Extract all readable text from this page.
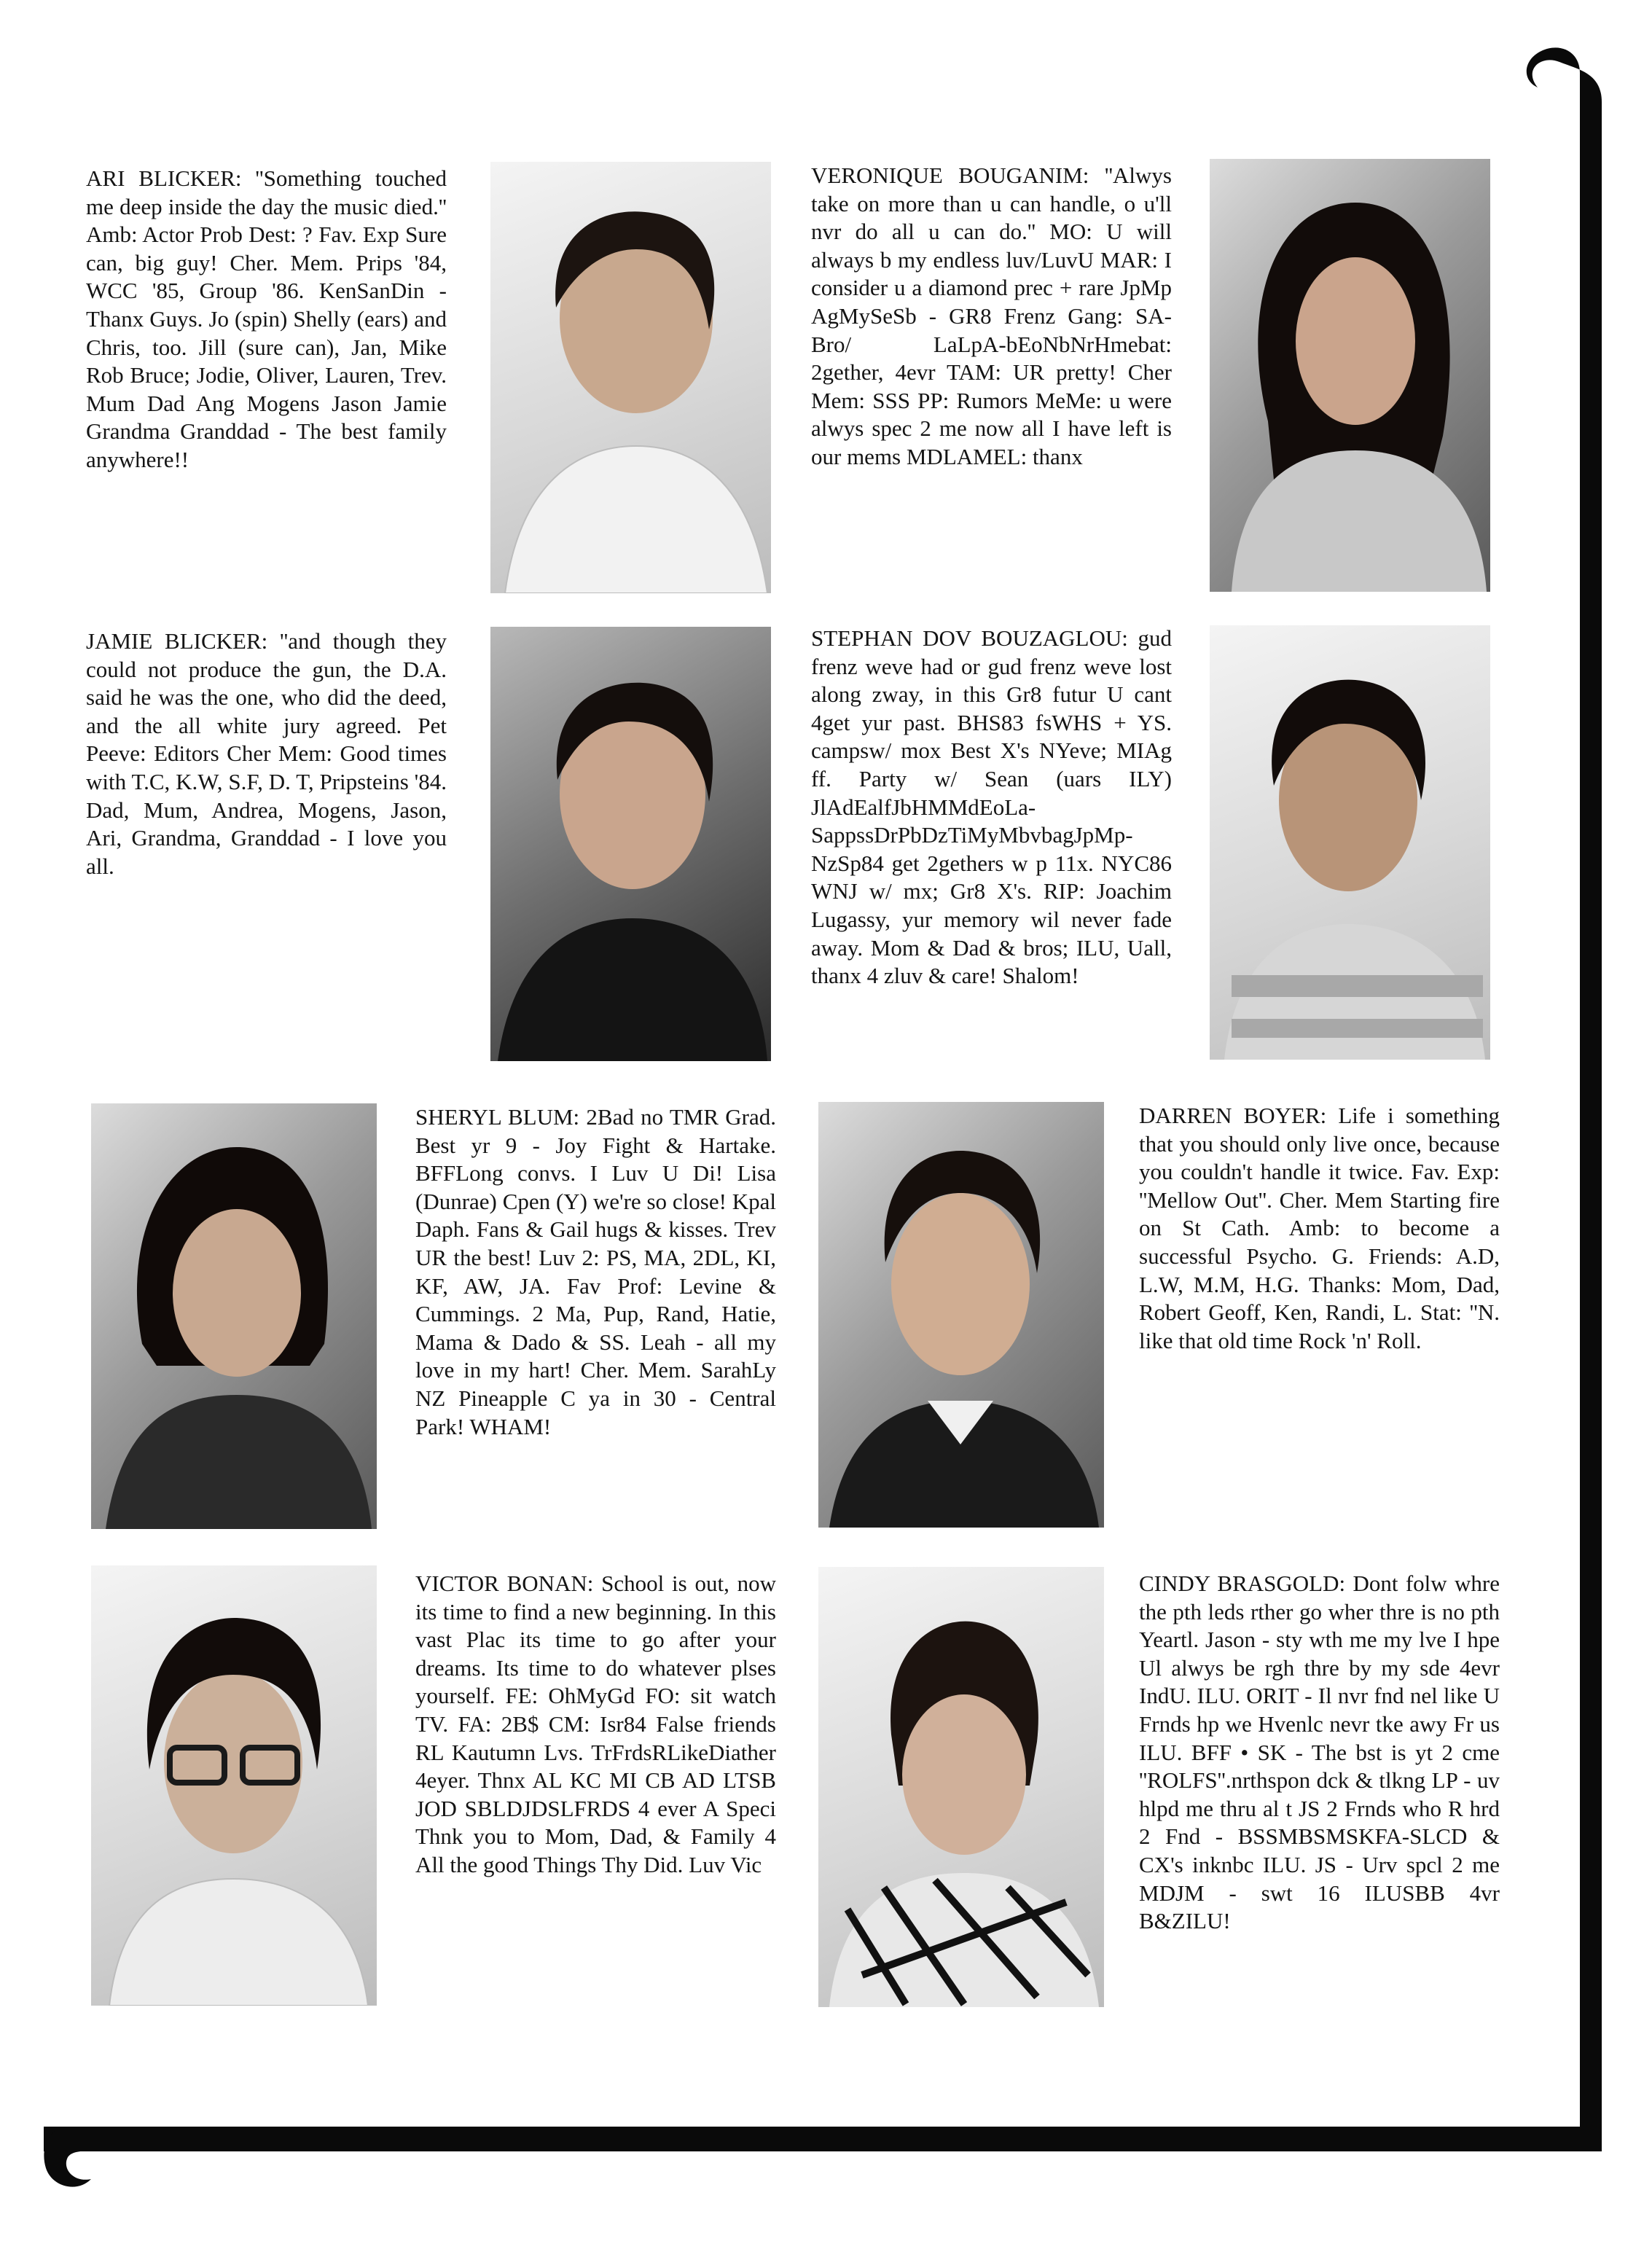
ARI BLICKER: ''Something touched me deep inside the day the music died.'' Amb: Actor Prob Dest: ? Fav. Exp Sure can, big guy! Cher. Mem. Prips '84, WCC '85, Group '86. KenSanDin - Thanx Guys. Jo (spin) Shelly (ears) and Chris, too. Jill (sure can), Jan, Mike Rob Bruce; Jodie, Oliver, Lauren, Trev. Mum Dad Ang Mogens Jason Jamie Grandma Granddad - The best family anywhere!!
VERONIQUE BOUGANIM: ''Alwys take on more than u can handle, o u'll nvr do all u can do.'' MO: U will always b my endless luv/LuvU MAR: I consider u a diamond prec + rare JpMp AgMySeSb - GR8 Frenz Gang: SA-Bro/ LaLpA-bEoNbNrHmebat: 2gether, 4evr TAM: UR pretty! Cher Mem: SSS PP: Rumors MeMe: u were alwys spec 2 me now all I have left is our mems MDLAMEL: thanx
JAMIE BLICKER: ''and though they could not produce the gun, the D.A. said he was the one, who did the deed, and the all white jury agreed. Pet Peeve: Editors Cher Mem: Good times with T.C, K.W, S.F, D. T, Pripsteins '84. Dad, Mum, Andrea, Mogens, Jason, Ari, Grandma, Granddad - I love you all.
STEPHAN DOV BOUZAGLOU: gud frenz weve had or gud frenz weve lost along zway, in this Gr8 futur U cant 4get yur past. BHS83 fsWHS + YS. campsw/ mox Best X's NYeve; MIAg ff. Party w/ Sean (uars ILY) JlAdEalfJbHMMdEoLa-SappssDrPbDzTiMyMbvbagJpMp-NzSp84 get 2gethers w p 11x. NYC86 WNJ w/ mx; Gr8 X's. RIP: Joachim Lugassy, yur memory wil never fade away. Mom & Dad & bros; ILU, Uall, thanx 4 zluv & care! Shalom!
SHERYL BLUM: 2Bad no TMR Grad. Best yr 9 - Joy Fight & Hartake. BFFLong convs. I Luv U Di! Lisa (Dunrae) Cpen (Y) we're so close! Kpal Daph. Fans & Gail hugs & kisses. Trev UR the best! Luv 2: PS, MA, 2DL, KI, KF, AW, JA. Fav Prof: Levine & Cummings. 2 Ma, Pup, Rand, Hatie, Mama & Dado & SS. Leah - all my love in my hart! Cher. Mem. SarahLy NZ Pineapple C ya in 30 - Central Park! WHAM!
DARREN BOYER: Life i something that you should only live once, because you couldn't handle it twice. Fav. Exp: ''Mellow Out''. Cher. Mem Starting fire on St Cath. Amb: to become a successful Psycho. G. Friends: A.D, L.W, M.M, H.G. Thanks: Mom, Dad, Robert Geoff, Ken, Randi, L. Stat: ''N. like that old time Rock 'n' Roll.
VICTOR BONAN: School is out, now its time to find a new beginning. In this vast Plac its time to go after your dreams. Its time to do whatever plses yourself. FE: OhMyGd FO: sit watch TV. FA: 2B$ CM: Isr84 False friends RL Kautumn Lvs. TrFrdsRLikeDiather 4eyer. Thnx AL KC MI CB AD LTSB JOD SBLDJDSLFRDS 4 ever A Speci Thnk you to Mom, Dad, & Family 4 All the good Things Thy Did. Luv Vic
CINDY BRASGOLD: Dont folw whre the pth leds rther go wher thre is no pth Yeartl. Jason - sty wth me my lve I hpe Ul alwys be rgh thre by my sde 4evr IndU. ILU. ORIT - Il nvr fnd nel like U Frnds hp we Hvenlc nevr tke awy Fr us ILU. BFF • SK - The bst is yt 2 cme ''ROLFS''.nrthspon dck & tlkng LP - uv hlpd me thru al t JS 2 Frnds who R hrd 2 Fnd - BSSMBSMSKFA-SLCD & CX's inknbc ILU. JS - Urv spcl 2 me MDJM - swt 16 ILUSBB 4vr B&ZILU!
